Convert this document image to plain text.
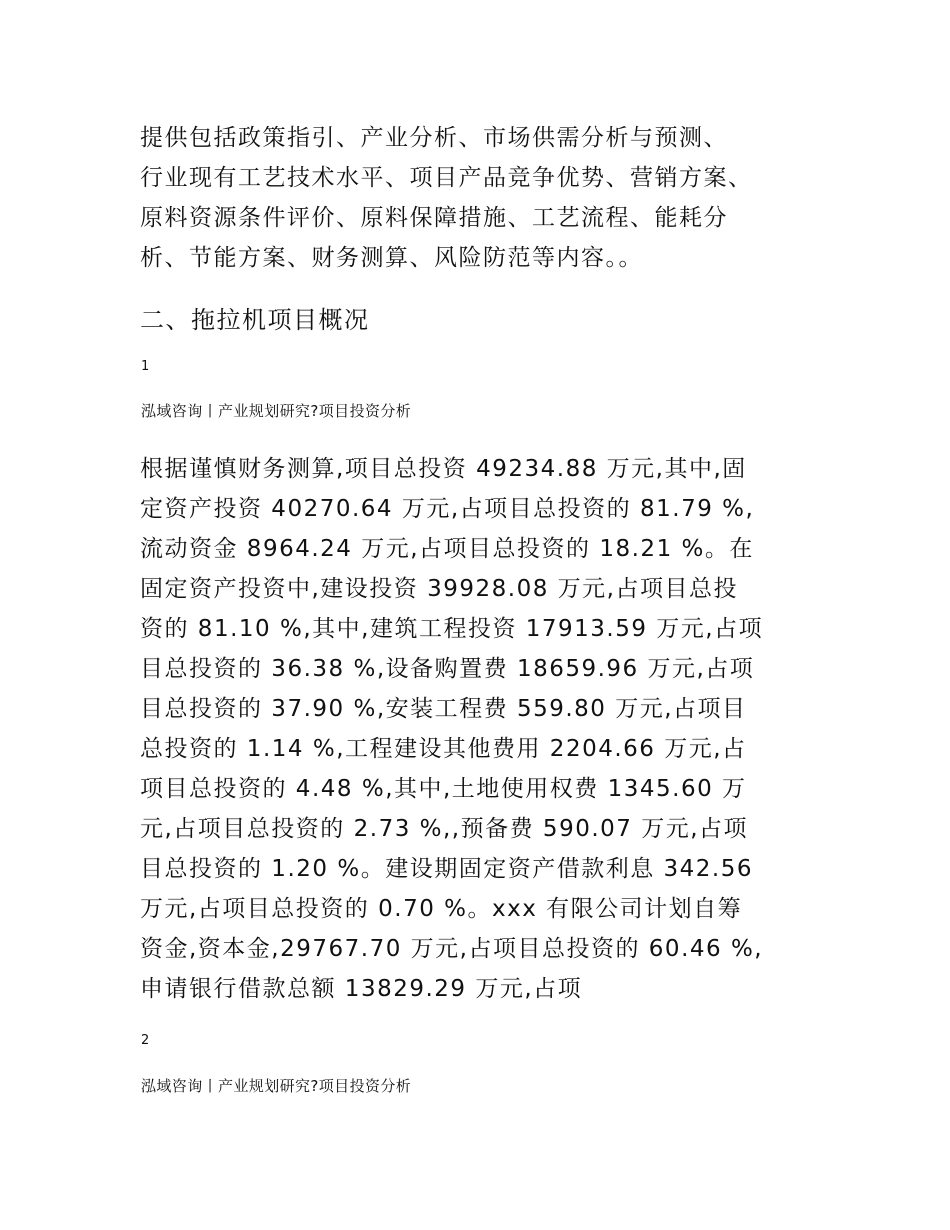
提供包括政策指引、产业分析、市场供需分析与预测、
行业现有工艺技术水平、项目产品竞争优势、营销方案、
原料资源条件评价、原料保障措施、工艺流程、能耗分
析、节能方案、财务测算、风险防范等内容。。
二、拖拉机项目概况
1
泓域咨询丨产业规划研究?项目投资分析
根据谨慎财务测算,项目总投资 49234.88 万元,其中,固
定资产投资 40270.64 万元,占项目总投资的 81.79 %,
流动资金 8964.24 万元,占项目总投资的 18.21 %。在
固定资产投资中,建设投资 39928.08 万元,占项目总投
资的 81.10 %,其中,建筑工程投资 17913.59 万元,占项
目总投资的 36.38 %,设备购置费 18659.96 万元,占项
目总投资的 37.90 %,安装工程费 559.80 万元,占项目
总投资的 1.14 %,工程建设其他费用 2204.66 万元,占
项目总投资的 4.48 %,其中,土地使用权费 1345.60 万
元,占项目总投资的 2.73 %,,预备费 590.07 万元,占项
目总投资的 1.20 %。建设期固定资产借款利息 342.56
万元,占项目总投资的 0.70 %。xxx 有限公司计划自筹
资金,资本金,29767.70 万元,占项目总投资的 60.46 %,
申请银行借款总额 13829.29 万元,占项
2
泓域咨询丨产业规划研究?项目投资分析
